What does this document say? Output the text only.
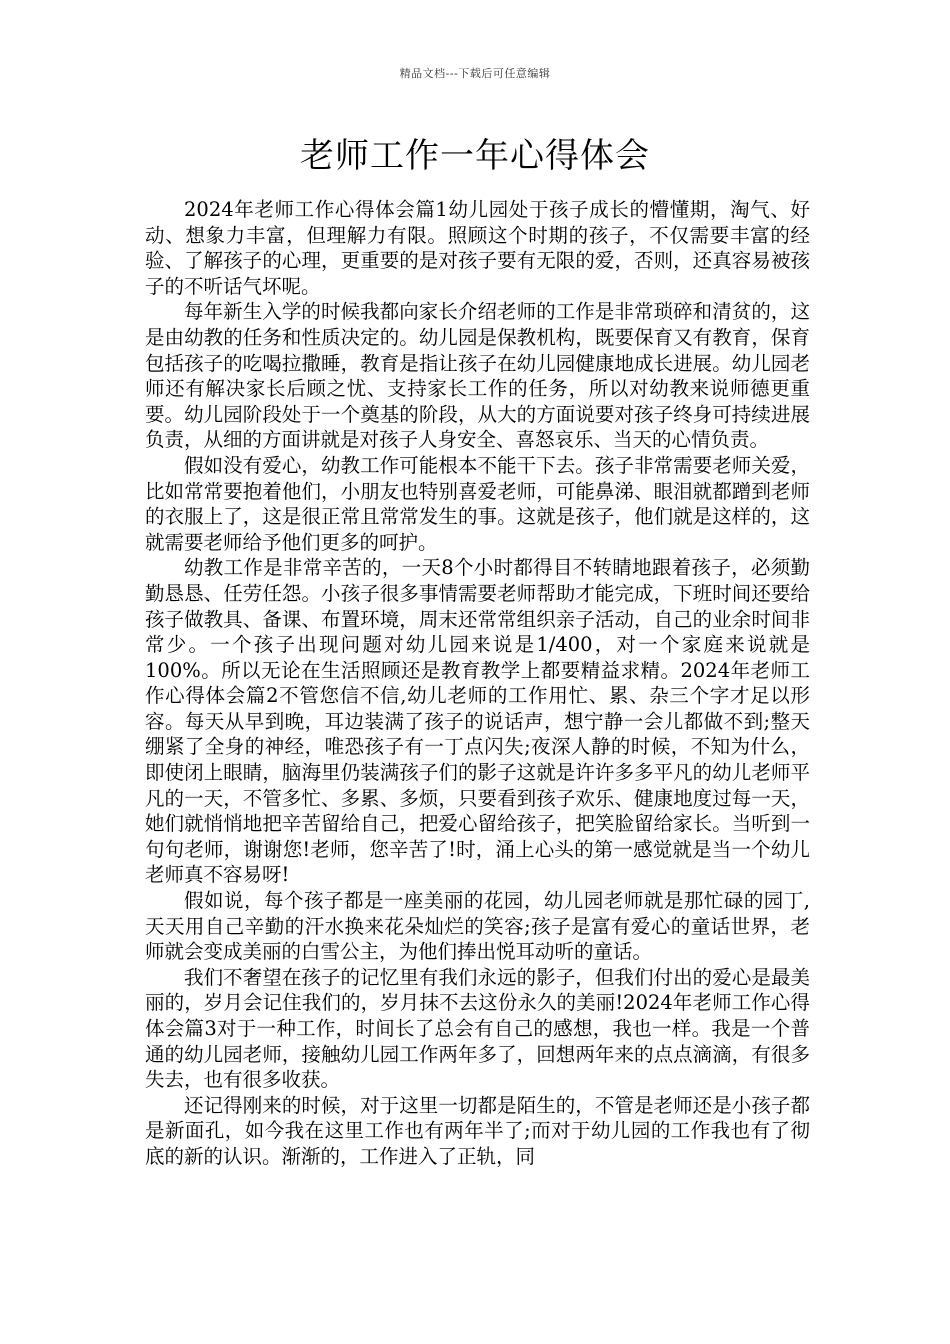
精品文档---下载后可任意编辑
老师工作一年心得体会

2024年老师工作心得体会篇1幼儿园处于孩子成长的懵懂期，淘气、好动、想象力丰富，但理解力有限。照顾这个时期的孩子，不仅需要丰富的经验、了解孩子的心理，更重要的是对孩子要有无限的爱，否则，还真容易被孩子的不听话气坏呢。

每年新生入学的时候我都向家长介绍老师的工作是非常琐碎和清贫的，这是由幼教的任务和性质决定的。幼儿园是保教机构，既要保育又有教育，保育包括孩子的吃喝拉撒睡，教育是指让孩子在幼儿园健康地成长进展。幼儿园老师还有解决家长后顾之忧、支持家长工作的任务，所以对幼教来说师德更重要。幼儿园阶段处于一个奠基的阶段，从大的方面说要对孩子终身可持续进展负责，从细的方面讲就是对孩子人身安全、喜怒哀乐、当天的心情负责。

假如没有爱心，幼教工作可能根本不能干下去。孩子非常需要老师关爱，比如常常要抱着他们，小朋友也特别喜爱老师，可能鼻涕、眼泪就都蹭到老师的衣服上了，这是很正常且常常发生的事。这就是孩子，他们就是这样的，这就需要老师给予他们更多的呵护。

幼教工作是非常辛苦的，一天8个小时都得目不转睛地跟着孩子，必须勤勤恳恳、任劳任怨。小孩子很多事情需要老师帮助才能完成，下班时间还要给孩子做教具、备课、布置环境，周末还常常组织亲子活动，自己的业余时间非常少。一个孩子出现问题对幼儿园来说是1/400，对一个家庭来说就是100%。所以无论在生活照顾还是教育教学上都要精益求精。2024年老师工作心得体会篇2不管您信不信,幼儿老师的工作用忙、累、杂三个字才足以形容。每天从早到晚，耳边装满了孩子的说话声，想宁静一会儿都做不到;整天绷紧了全身的神经，唯恐孩子有一丁点闪失;夜深人静的时候，不知为什么，即使闭上眼睛，脑海里仍装满孩子们的影子这就是许许多多平凡的幼儿老师平凡的一天，不管多忙、多累、多烦，只要看到孩子欢乐、健康地度过每一天，她们就悄悄地把辛苦留给自己，把爱心留给孩子，把笑脸留给家长。当听到一句句老师，谢谢您!老师，您辛苦了!时，涌上心头的第一感觉就是当一个幼儿老师真不容易呀!

假如说，每个孩子都是一座美丽的花园，幼儿园老师就是那忙碌的园丁,天天用自己辛勤的汗水换来花朵灿烂的笑容;孩子是富有爱心的童话世界，老师就会变成美丽的白雪公主，为他们捧出悦耳动听的童话。

我们不奢望在孩子的记忆里有我们永远的影子，但我们付出的爱心是最美丽的，岁月会记住我们的，岁月抹不去这份永久的美丽!2024年老师工作心得体会篇3对于一种工作，时间长了总会有自己的感想，我也一样。我是一个普通的幼儿园老师，接触幼儿园工作两年多了，回想两年来的点点滴滴，有很多失去，也有很多收获。

还记得刚来的时候，对于这里一切都是陌生的，不管是老师还是小孩子都是新面孔，如今我在这里工作也有两年半了;而对于幼儿园的工作我也有了彻底的新的认识。渐渐的，工作进入了正轨，同
